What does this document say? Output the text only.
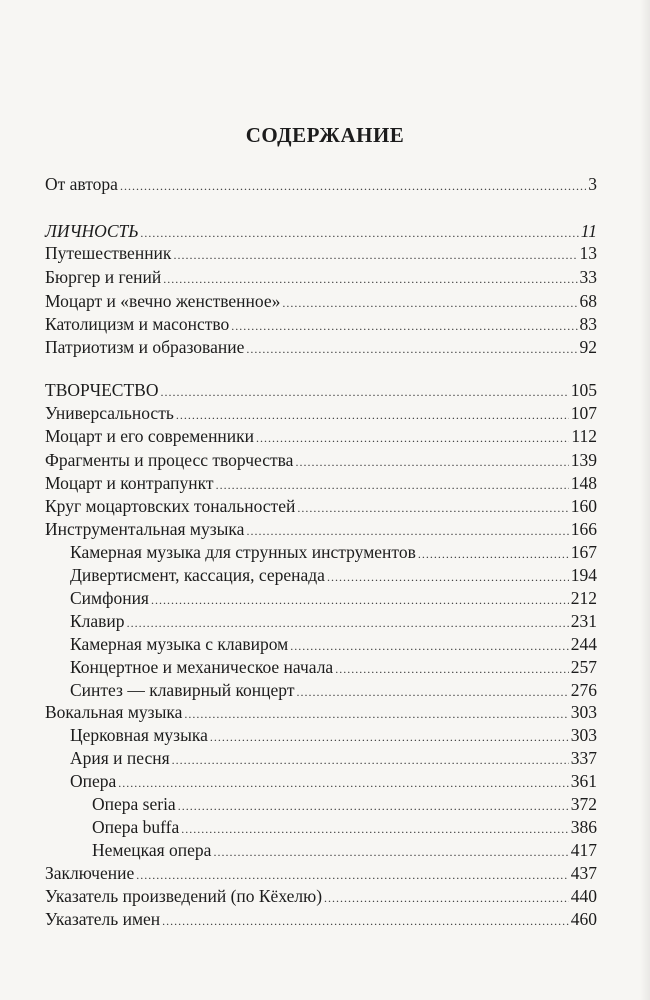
СОДЕРЖАНИЕ
От автора .....	3
ЛИЧНОСТЬ .....	11
Путешественник .....	13
Бюргер и гений .....	33
Моцарт и «вечно женственное» .....	68
Католицизм и масонство .....	83
Патриотизм и образование .....	92
ТВОРЧЕСТВО .....	105
Универсальность .....	107
Моцарт и его современники .....	112
Фрагменты и процесс творчества .....	139
Моцарт и контрапункт .....	148
Круг моцартовских тональностей .....	160
Инструментальная музыка .....	166
Камерная музыка для струнных инструментов .....	167
Дивертисмент, кассация, серенада .....	194
Симфония .....	212
Клавир .....	231
Камерная музыка с клавиром .....	244
Концертное и механическое начала .....	257
Синтез — клавирный концерт .....	276
Вокальная музыка .....	303
Церковная музыка .....	303
Ария и песня .....	337
Опера .....	361
Опера seria .....	372
Опера buffa .....	386
Немецкая опера .....	417
Заключение .....	437
Указатель произведений (по Кёхелю) .....	440
Указатель имен .....	460
